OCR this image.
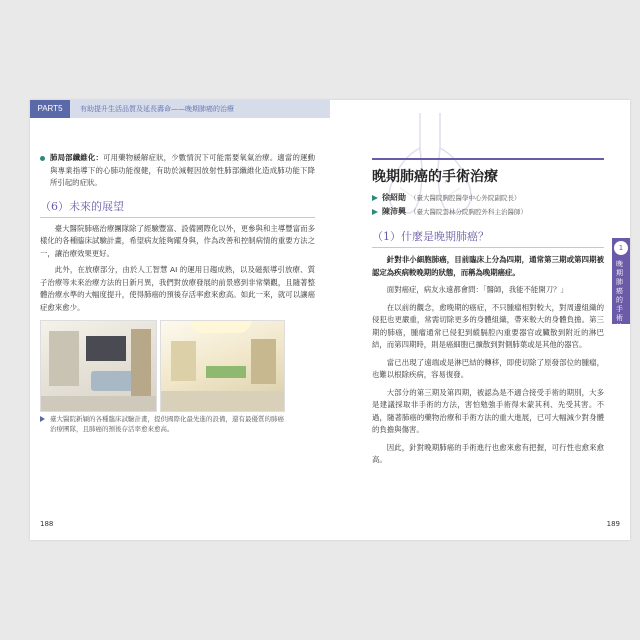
PART5	有助提升生活品質及延長壽命——晚期肺癌的治療

肺局部纖維化：可用藥物緩解症狀，少數情況下可能需要氧氣治療。適當的運動與專業指導下的心肺功能復健，有助於減輕因放射性肺部纖維化造成肺功能下降所引起的症狀。

（6）未來的展望

臺大醫院肺癌治療團隊除了經驗豐富、設備國際化以外，更參與和主導豐富而多樣化的各種臨床試驗計畫，希望病友能夠躍身與，作為改善和控制病情的重要方法之一，讓治療效果更好。

此外，在放療部分，由於人工智慧 AI 的運用日趨成熟，以及磁振導引放療、質子治療等未來治療方法的日新月異，我們對放療發展的前景感到非常樂觀，且隨著整體治療水準的大幅度提升，使得肺癌的預後存活率愈來愈高。如此一來，就可以讓癌症愈來愈少。

臺大醫院新穎的各種臨床試驗計畫，提供國際化最先進的設備，還有最優質的肺癌治療團隊，且肺癌的預後存活率愈來愈高。
188
晚期肺癌的手術治療
徐紹勛 （臺大醫院胸腔醫學中心外院副院長）
陳沛興 （臺大醫院雲林分院胸腔外科主治醫師）
（1）什麼是晚期肺癌？

針對非小細胞肺癌，目前臨床上分為四期，通常第三期或第四期被認定為疾病較晚期的狀態，而稱為晚期癌症。

面對癌症，病友永遠都會問：「醫師，我能不能開刀？」

在以前的觀念，愈晚期的癌症，不只腫瘤相對較大，對周邊組織的侵犯也更嚴重，常需切除更多的身體組織，帶來較大的身體負擔。第三期的肺癌，腫瘤通常已侵犯到縱膈腔內重要器官或臟散到附近的淋巴結，而第四期時，則是癌細胞已擴散到對側肺葉或是其他的器官。

當已出現了遠端或是淋巴結的轉移，即使切除了原發部位的腫瘤，也難以根除疾病，容易復發。

大部分的第三期及第四期，被認為是不適合接受手術的期別，大多是建議採取非手術的方法，害怕勉強手術得未蒙其利、先受其害。不過，隨著肺癌的藥物治療和手術方法的重大進展，已可大幅減少對身體的負擔與傷害。

因此，針對晚期肺癌的手術進行也愈來愈有把握，可行性也愈來愈高。

189
1
晚期肺癌的手術治療
